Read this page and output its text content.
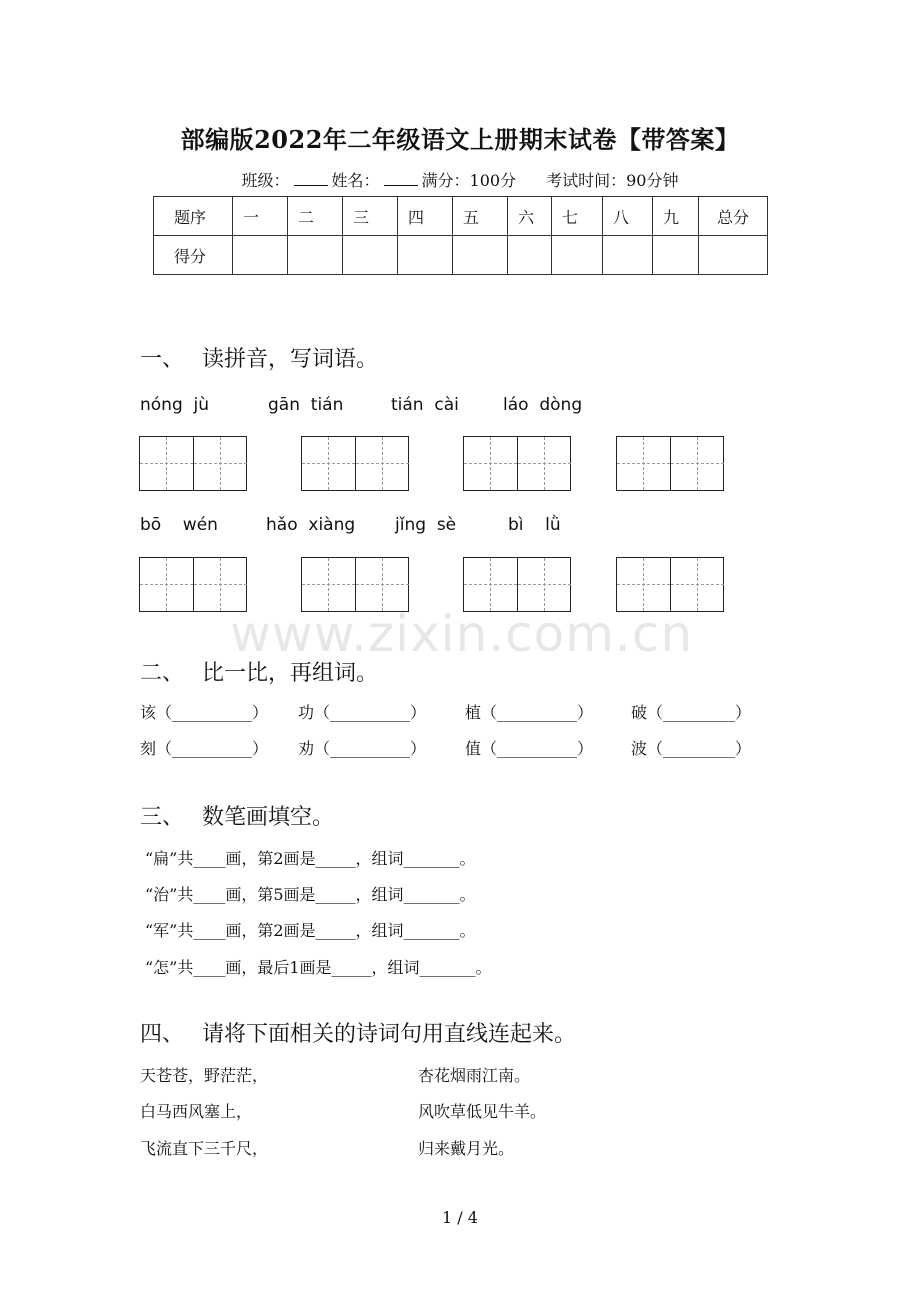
部编版2022年二年级语文上册期末试卷【带答案】
班级：	姓名：	满分：100分 考试时间：90分钟
题序	一	二	三	四	五	六	七	八	九	总分
得分										
一、 读拼音，写词语。
nóng  jù	gān  tián	tián  cài	láo  dòng
bō    wén	hǎo  xiàng jǐng  sè	bì    lǜ
www.zixin.com.cn
二、 比一比，再组词。
该（__________） 功（__________） 植（__________） 破（_________）
刻（__________） 劝（__________） 值（__________） 波（_________）
三、 数笔画填空。
“扁”共____画，第2画是_____，组词_______。
“治”共____画，第5画是_____，组词_______。
“军”共____画，第2画是_____，组词_______。
“怎”共____画，最后1画是_____，组词_______。
四、 请将下面相关的诗词句用直线连起来。
天苍苍，野茫茫，
白马西风塞上，
飞流直下三千尺，
杏花烟雨江南。
风吹草低见牛羊。
归来戴月光。
1 / 4
